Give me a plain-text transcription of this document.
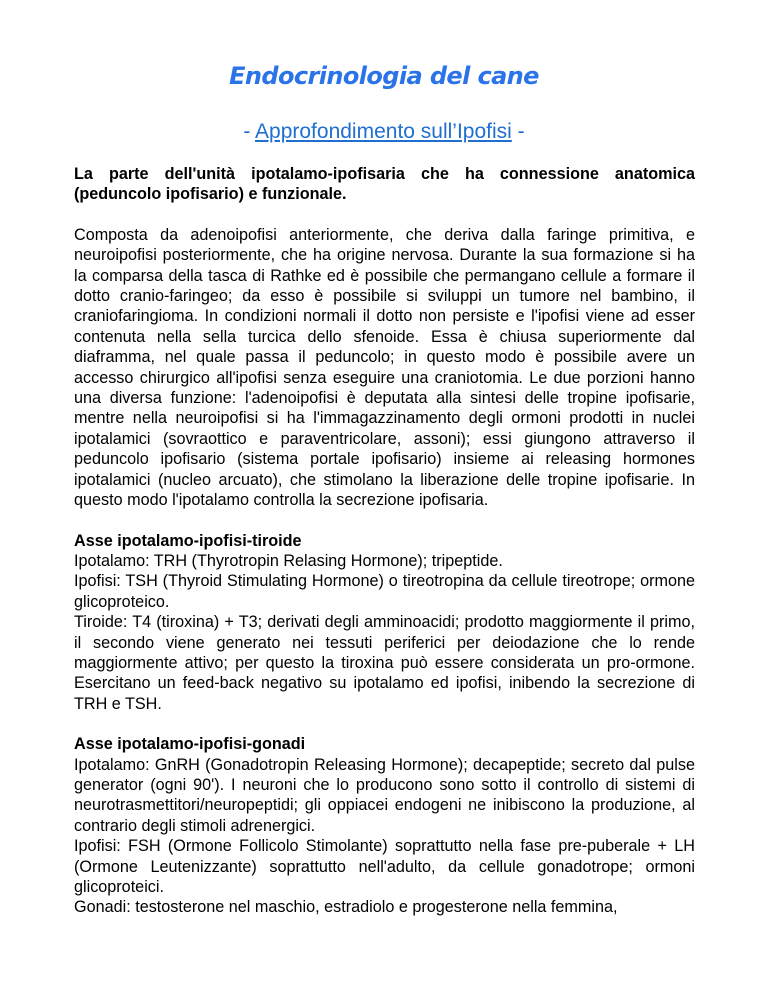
Endocrinologia del cane
- Approfondimento sull’Ipofisi -

La parte dell'unità ipotalamo-ipofisaria che ha connessione anatomica (peduncolo ipofisario) e funzionale.

Composta da adenoipofisi anteriormente, che deriva dalla faringe primitiva, e neuroipofisi posteriormente, che ha origine nervosa. Durante la sua formazione si ha la comparsa della tasca di Rathke ed è possibile che permangano cellule a formare il dotto cranio-faringeo; da esso è possibile si sviluppi un tumore nel bambino, il craniofaringioma. In condizioni normali il dotto non persiste e l'ipofisi viene ad esser contenuta nella sella turcica dello sfenoide. Essa è chiusa superiormente dal diaframma, nel quale passa il peduncolo; in questo modo è possibile avere un accesso chirurgico all'ipofisi senza eseguire una craniotomia. Le due porzioni hanno una diversa funzione: l'adenoipofisi è deputata alla sintesi delle tropine ipofisarie, mentre nella neuroipofisi si ha l'immagazzinamento degli ormoni prodotti in nuclei ipotalamici (sovraottico e paraventricolare, assoni); essi giungono attraverso il peduncolo ipofisario (sistema portale ipofisario) insieme ai releasing hormones ipotalamici (nucleo arcuato), che stimolano la liberazione delle tropine ipofisarie. In questo modo l'ipotalamo controlla la secrezione ipofisaria.

Asse ipotalamo-ipofisi-tiroide

Ipotalamo: TRH (Thyrotropin Relasing Hormone); tripeptide.

Ipofisi: TSH (Thyroid Stimulating Hormone) o tireotropina da cellule tireotrope; ormone glicoproteico.

Tiroide: T4 (tiroxina) + T3; derivati degli amminoacidi; prodotto maggiormente il primo, il secondo viene generato nei tessuti periferici per deiodazione che lo rende maggiormente attivo; per questo la tiroxina può essere considerata un pro-ormone. Esercitano un feed-back negativo su ipotalamo ed ipofisi, inibendo la secrezione di TRH e TSH.

Asse ipotalamo-ipofisi-gonadi

Ipotalamo: GnRH (Gonadotropin Releasing Hormone); decapeptide; secreto dal pulse generator (ogni 90'). I neuroni che lo producono sono sotto il controllo di sistemi di neurotrasmettitori/neuropeptidi; gli oppiacei endogeni ne inibiscono la produzione, al contrario degli stimoli adrenergici.

Ipofisi: FSH (Ormone Follicolo Stimolante) soprattutto nella fase pre-puberale + LH (Ormone Leutenizzante) soprattutto nell'adulto, da cellule gonadotrope; ormoni glicoproteici.

Gonadi: testosterone nel maschio, estradiolo e progesterone nella femmina,
